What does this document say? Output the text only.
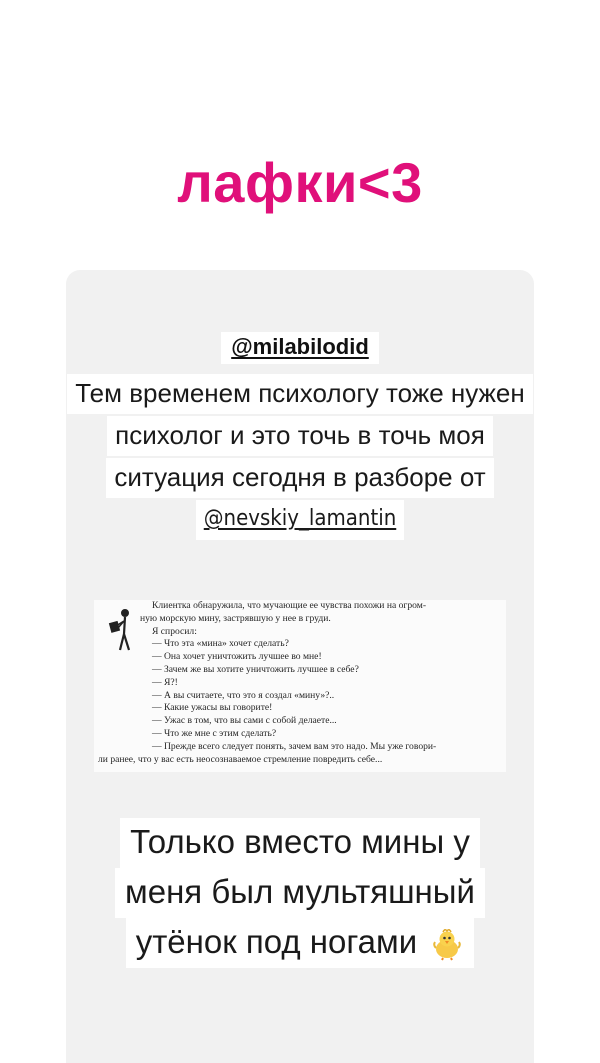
лафки<3
@milabilodid
Тем временем психологу тоже нужен
психолог и это точь в точь моя
ситуация сегодня в разборе от
@nevskiy_lamantin

Клиентка обнаружила, что мучающие ее чувства похожи на огром-

ную морскую мину, застрявшую у нее в груди.

Я спросил:

— Что эта «мина» хочет сделать?

— Она хочет уничтожить лучшее во мне!

— Зачем же вы хотите уничтожить лучшее в себе?

— Я?!

— А вы считаете, что это я создал «мину»?..

— Какие ужасы вы говорите!

— Ужас в том, что вы сами с собой делаете...

— Что же мне с этим сделать?

— Прежде всего следует понять, зачем вам это надо. Мы уже говори-

ли ранее, что у вас есть неосознаваемое стремление повредить себе...

Только вместо мины у
меня был мультяшный
утёнок под ногами
